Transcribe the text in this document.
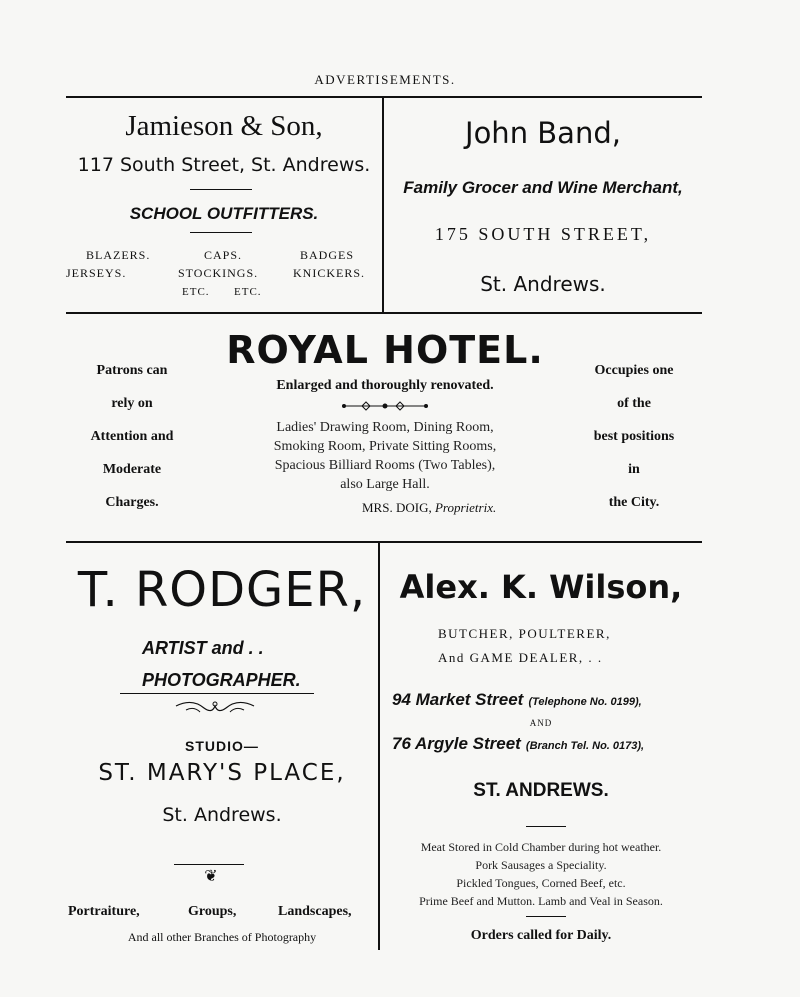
ADVERTISEMENTS.
Jamieson & Son,
117 South Street, St. Andrews.
SCHOOL OUTFITTERS.
BLAZERS.	CAPS.	BADGES
JERSEYS.	STOCKINGS.	KNICKERS.
ETC. ETC.
John Band,
Family Grocer and Wine Merchant,
175 SOUTH STREET,
St. Andrews.
Patrons can
rely on
Attention and
Moderate
Charges.
ROYAL HOTEL.
Enlarged and thoroughly renovated.
Ladies' Drawing Room, Dining Room,
Smoking Room, Private Sitting Rooms,
Spacious Billiard Rooms (Two Tables),
also Large Hall.
MRS. DOIG, Proprietrix.
Occupies one
of the
best positions
in
the City.
T. RODGER,
ARTIST and . .
PHOTOGRAPHER.
STUDIO—
ST. MARY'S PLACE,
St. Andrews.
❦
Portraiture,	Groups,	Landscapes,
And all other Branches of Photography
Alex. K. Wilson,
BUTCHER, POULTERER,
And GAME DEALER, . .
94 Market Street (Telephone No. 0199),
AND
76 Argyle Street (Branch Tel. No. 0173),
ST. ANDREWS.
Meat Stored in Cold Chamber during hot weather.
Pork Sausages a Speciality.
Pickled Tongues, Corned Beef, etc.
Prime Beef and Mutton. Lamb and Veal in Season.
Orders called for Daily.
